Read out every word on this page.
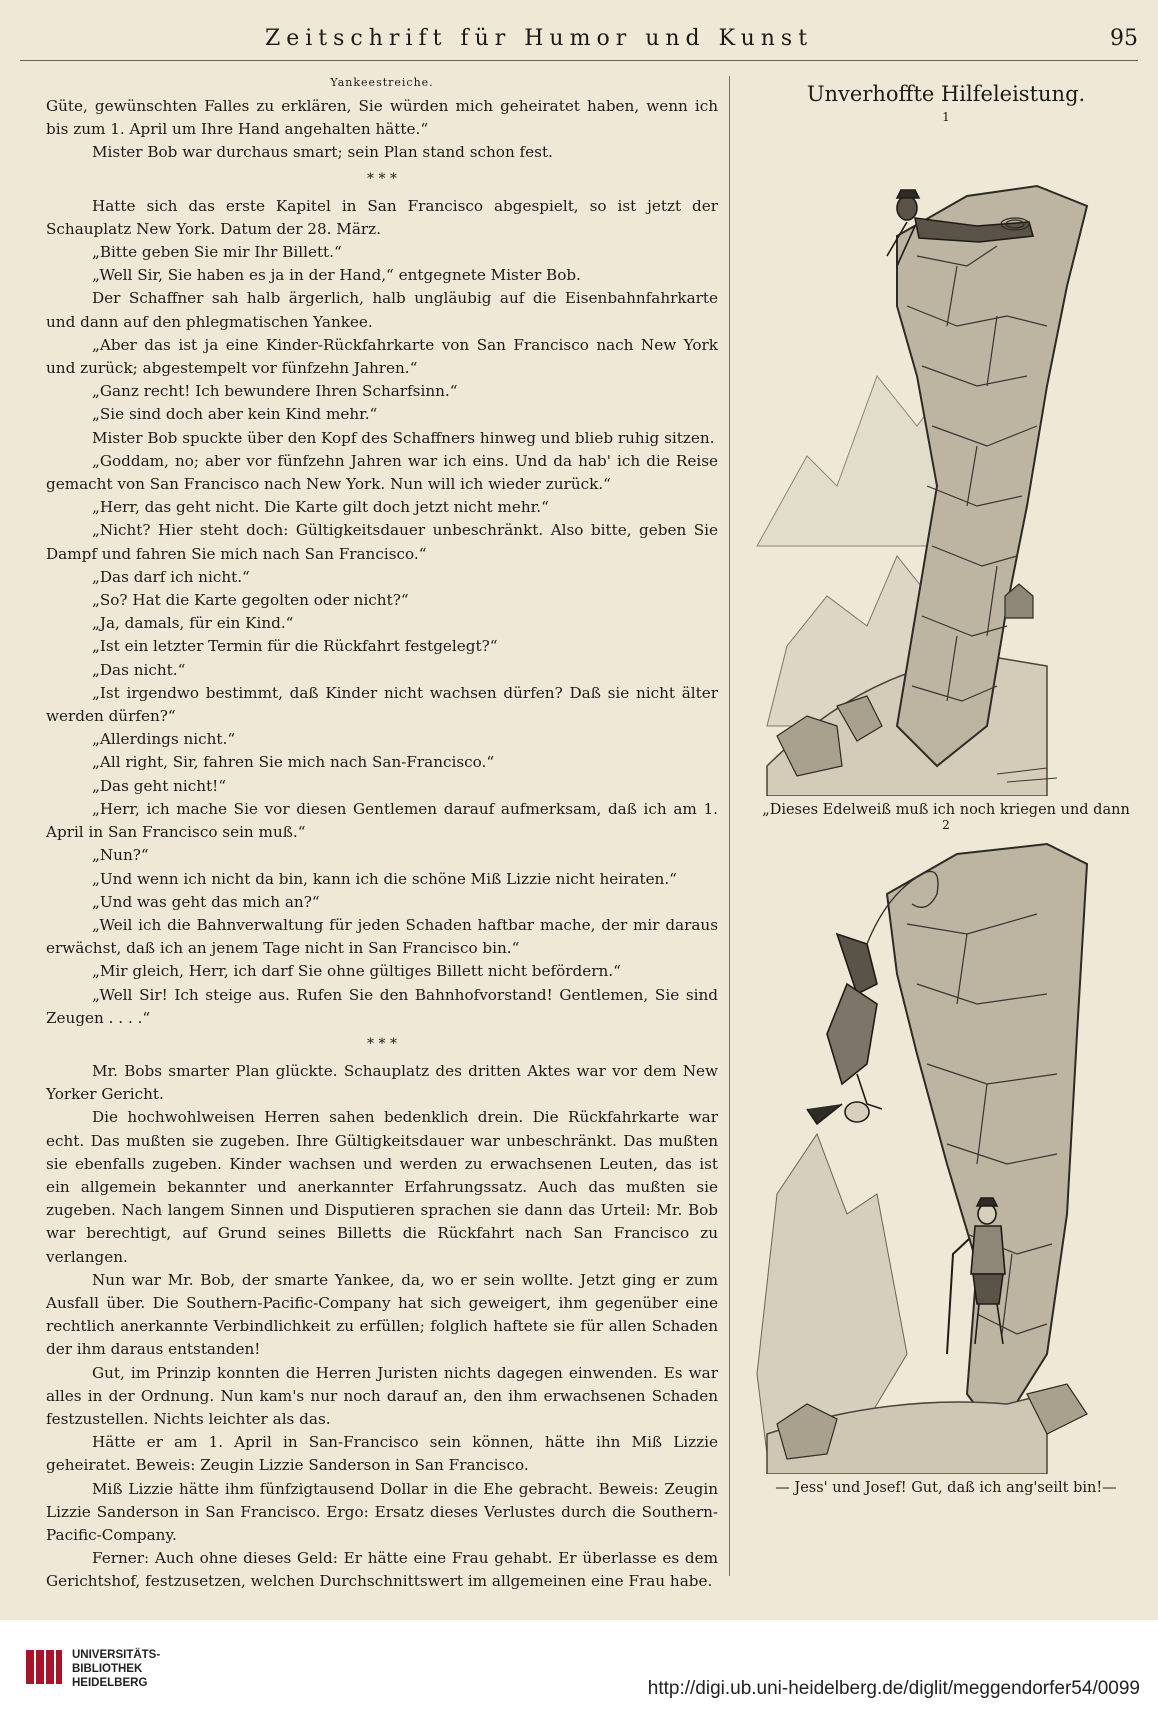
Zeitschrift für Humor und Kunst	95
Yankeestreiche.

Güte, gewünschten Falles zu erklären, Sie würden mich geheiratet haben, wenn ich bis zum 1. April um Ihre Hand angehalten hätte.“

Mister Bob war durchaus smart; sein Plan stand schon fest.

* * *

Hatte sich das erste Kapitel in San Francisco abgespielt, so ist jetzt der Schauplatz New York. Datum der 28. März.

„Bitte geben Sie mir Ihr Billett.“

„Well Sir, Sie haben es ja in der Hand,“ entgegnete Mister Bob.

Der Schaffner sah halb ärgerlich, halb ungläubig auf die Eisenbahnfahrkarte und dann auf den phlegmatischen Yankee.

„Aber das ist ja eine Kinder-Rückfahrkarte von San Francisco nach New York und zurück; abgestempelt vor fünfzehn Jahren.“

„Ganz recht! Ich bewundere Ihren Scharfsinn.“

„Sie sind doch aber kein Kind mehr.“

Mister Bob spuckte über den Kopf des Schaffners hinweg und blieb ruhig sitzen.

„Goddam, no; aber vor fünfzehn Jahren war ich eins. Und da hab' ich die Reise gemacht von San Francisco nach New York. Nun will ich wieder zurück.“

„Herr, das geht nicht. Die Karte gilt doch jetzt nicht mehr.“

„Nicht? Hier steht doch: Gültigkeitsdauer unbeschränkt. Also bitte, geben Sie Dampf und fahren Sie mich nach San Francisco.“

„Das darf ich nicht.“

„So? Hat die Karte gegolten oder nicht?“

„Ja, damals, für ein Kind.“

„Ist ein letzter Termin für die Rückfahrt festgelegt?“

„Das nicht.“

„Ist irgendwo bestimmt, daß Kinder nicht wachsen dürfen? Daß sie nicht älter werden dürfen?“

„Allerdings nicht.“

„All right, Sir, fahren Sie mich nach San-Francisco.“

„Das geht nicht!“

„Herr, ich mache Sie vor diesen Gentlemen darauf aufmerksam, daß ich am 1. April in San Francisco sein muß.“

„Nun?“

„Und wenn ich nicht da bin, kann ich die schöne Miß Lizzie nicht heiraten.“

„Und was geht das mich an?“

„Weil ich die Bahnverwaltung für jeden Schaden haftbar mache, der mir daraus erwächst, daß ich an jenem Tage nicht in San Francisco bin.“

„Mir gleich, Herr, ich darf Sie ohne gültiges Billett nicht befördern.“

„Well Sir! Ich steige aus. Rufen Sie den Bahnhofvorstand! Gentlemen, Sie sind Zeugen . . . .“

* * *

Mr. Bobs smarter Plan glückte. Schauplatz des dritten Aktes war vor dem New Yorker Gericht.

Die hochwohlweisen Herren sahen bedenklich drein. Die Rückfahrkarte war echt. Das mußten sie zugeben. Ihre Gültigkeitsdauer war unbeschränkt. Das mußten sie ebenfalls zugeben. Kinder wachsen und werden zu erwachsenen Leuten, das ist ein allgemein bekannter und anerkannter Erfahrungssatz. Auch das mußten sie zugeben. Nach langem Sinnen und Disputieren sprachen sie dann das Urteil: Mr. Bob war berechtigt, auf Grund seines Billetts die Rückfahrt nach San Francisco zu verlangen.

Nun war Mr. Bob, der smarte Yankee, da, wo er sein wollte. Jetzt ging er zum Ausfall über. Die Southern-Pacific-Company hat sich geweigert, ihm gegenüber eine rechtlich anerkannte Verbindlichkeit zu erfüllen; folglich haftete sie für allen Schaden der ihm daraus entstanden!

Gut, im Prinzip konnten die Herren Juristen nichts dagegen einwenden. Es war alles in der Ordnung. Nun kam's nur noch darauf an, den ihm erwachsenen Schaden festzustellen. Nichts leichter als das.

Hätte er am 1. April in San-Francisco sein können, hätte ihn Miß Lizzie geheiratet. Beweis: Zeugin Lizzie Sanderson in San Francisco.

Miß Lizzie hätte ihm fünfzigtausend Dollar in die Ehe gebracht. Beweis: Zeugin Lizzie Sanderson in San Francisco. Ergo: Ersatz dieses Verlustes durch die Southern-Pacific-Company.

Ferner: Auch ohne dieses Geld: Er hätte eine Frau gehabt. Er überlasse es dem Gerichtshof, festzusetzen, welchen Durchschnittswert im allgemeinen eine Frau habe.

Unverhoffte Hilfeleistung.
1
„Dieses Edelweiß muß ich noch kriegen und dann
2
— Jess' und Josef! Gut, daß ich ang'seilt bin!—
UNIVERSITÄTS-
BIBLIOTHEK
HEIDELBERG	http://digi.ub.uni-heidelberg.de/diglit/meggendorfer54/0099
